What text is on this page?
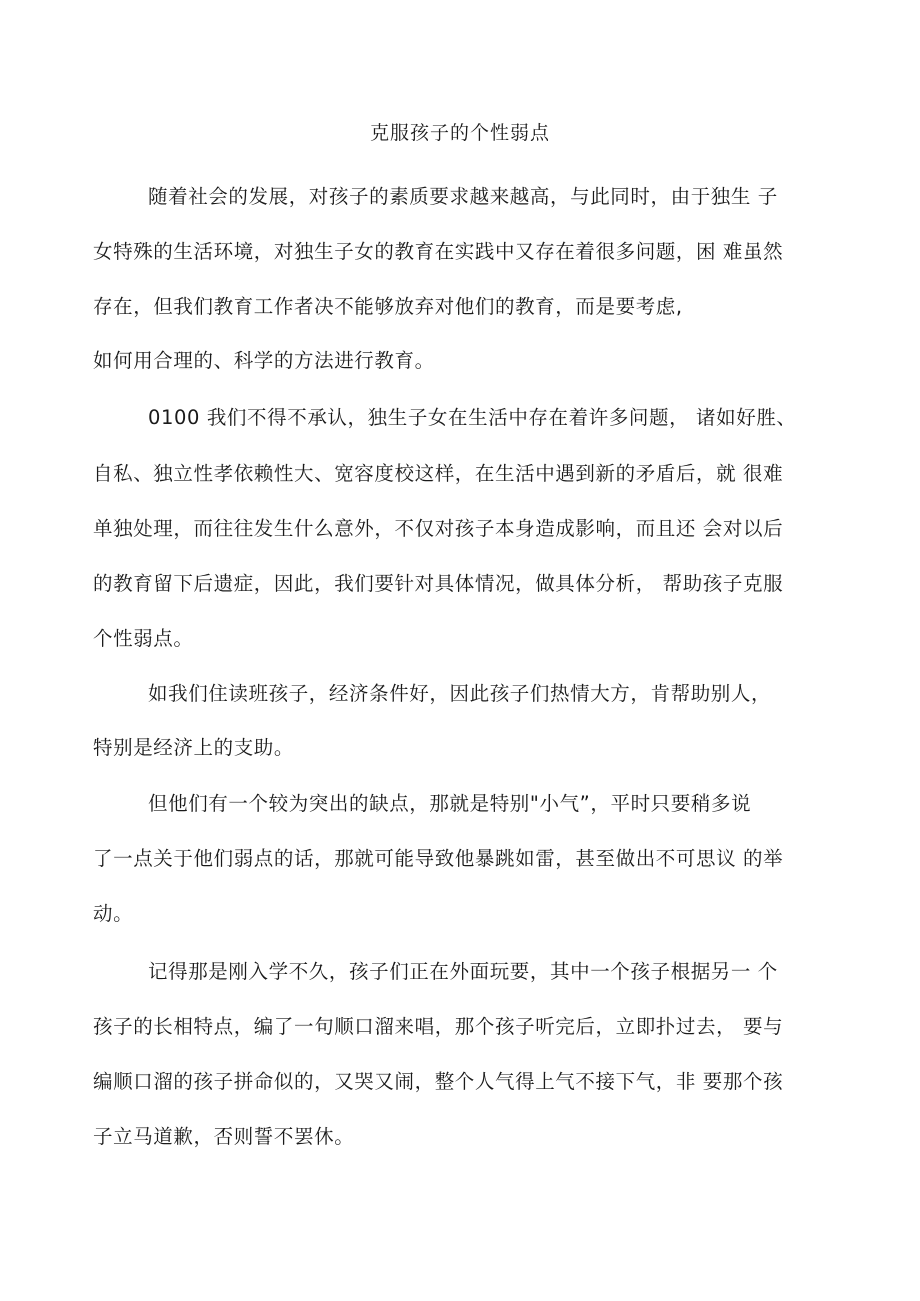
克服孩子的个性弱点
随着社会的发展，对孩子的素质要求越来越高，与此同时，由于独生 子
女特殊的生活环境，对独生子女的教育在实践中又存在着很多问题，困 难虽然
存在，但我们教育工作者决不能够放弃对他们的教育，而是要考虑,
如何用合理的、科学的方法进行教育。
0100 我们不得不承认，独生子女在生活中存在着许多问题， 诸如好胜、
自私、独立性孝依赖性大、宽容度校这样，在生活中遇到新的矛盾后，就 很难
单独处理，而往往发生什么意外，不仅对孩子本身造成影响，而且还 会对以后
的教育留下后遗症，因此，我们要针对具体情况，做具体分析， 帮助孩子克服
个性弱点。
如我们住读班孩子，经济条件好，因此孩子们热情大方，肯帮助别人，
特别是经济上的支助。
但他们有一个较为突出的缺点，那就是特别"小气”，平时只要稍多说
了一点关于他们弱点的话，那就可能导致他暴跳如雷，甚至做出不可思议 的举
动。
记得那是刚入学不久，孩子们正在外面玩要，其中一个孩子根据另一 个
孩子的长相特点，编了一句顺口溜来唱，那个孩子听完后，立即扑过去， 要与
编顺口溜的孩子拼命似的，又哭又闹，整个人气得上气不接下气，非 要那个孩
子立马道歉，否则誓不罢休。
